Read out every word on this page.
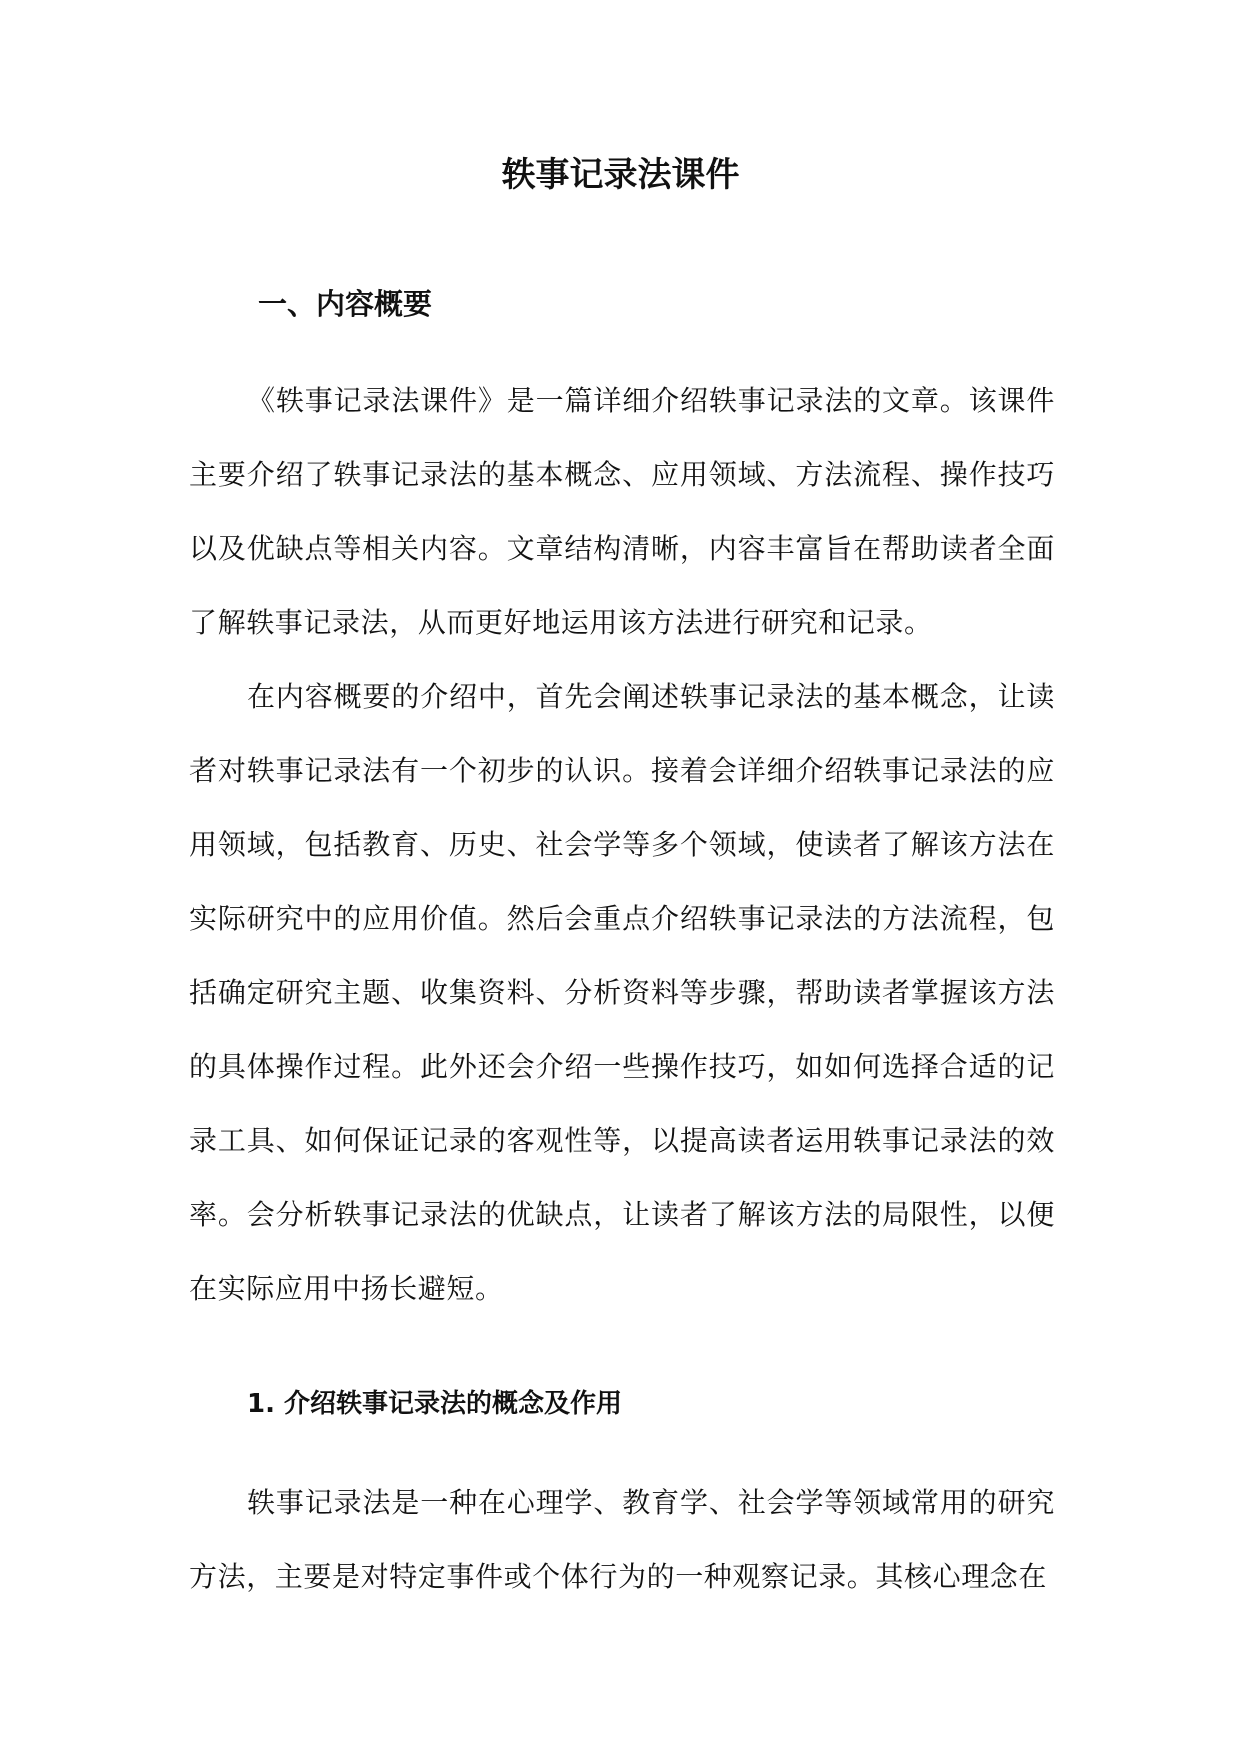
轶事记录法课件
一、内容概要

《轶事记录法课件》是一篇详细介绍轶事记录法的文章。该课件主要介绍了轶事记录法的基本概念、应用领域、方法流程、操作技巧以及优缺点等相关内容。文章结构清晰，内容丰富旨在帮助读者全面了解轶事记录法，从而更好地运用该方法进行研究和记录。

在内容概要的介绍中，首先会阐述轶事记录法的基本概念，让读者对轶事记录法有一个初步的认识。接着会详细介绍轶事记录法的应用领域，包括教育、历史、社会学等多个领域，使读者了解该方法在实际研究中的应用价值。然后会重点介绍轶事记录法的方法流程，包括确定研究主题、收集资料、分析资料等步骤，帮助读者掌握该方法的具体操作过程。此外还会介绍一些操作技巧，如如何选择合适的记录工具、如何保证记录的客观性等，以提高读者运用轶事记录法的效率。会分析轶事记录法的优缺点，让读者了解该方法的局限性，以便在实际应用中扬长避短。

1. 介绍轶事记录法的概念及作用

轶事记录法是一种在心理学、教育学、社会学等领域常用的研究方法，主要是对特定事件或个体行为的一种观察记录。其核心理念在
